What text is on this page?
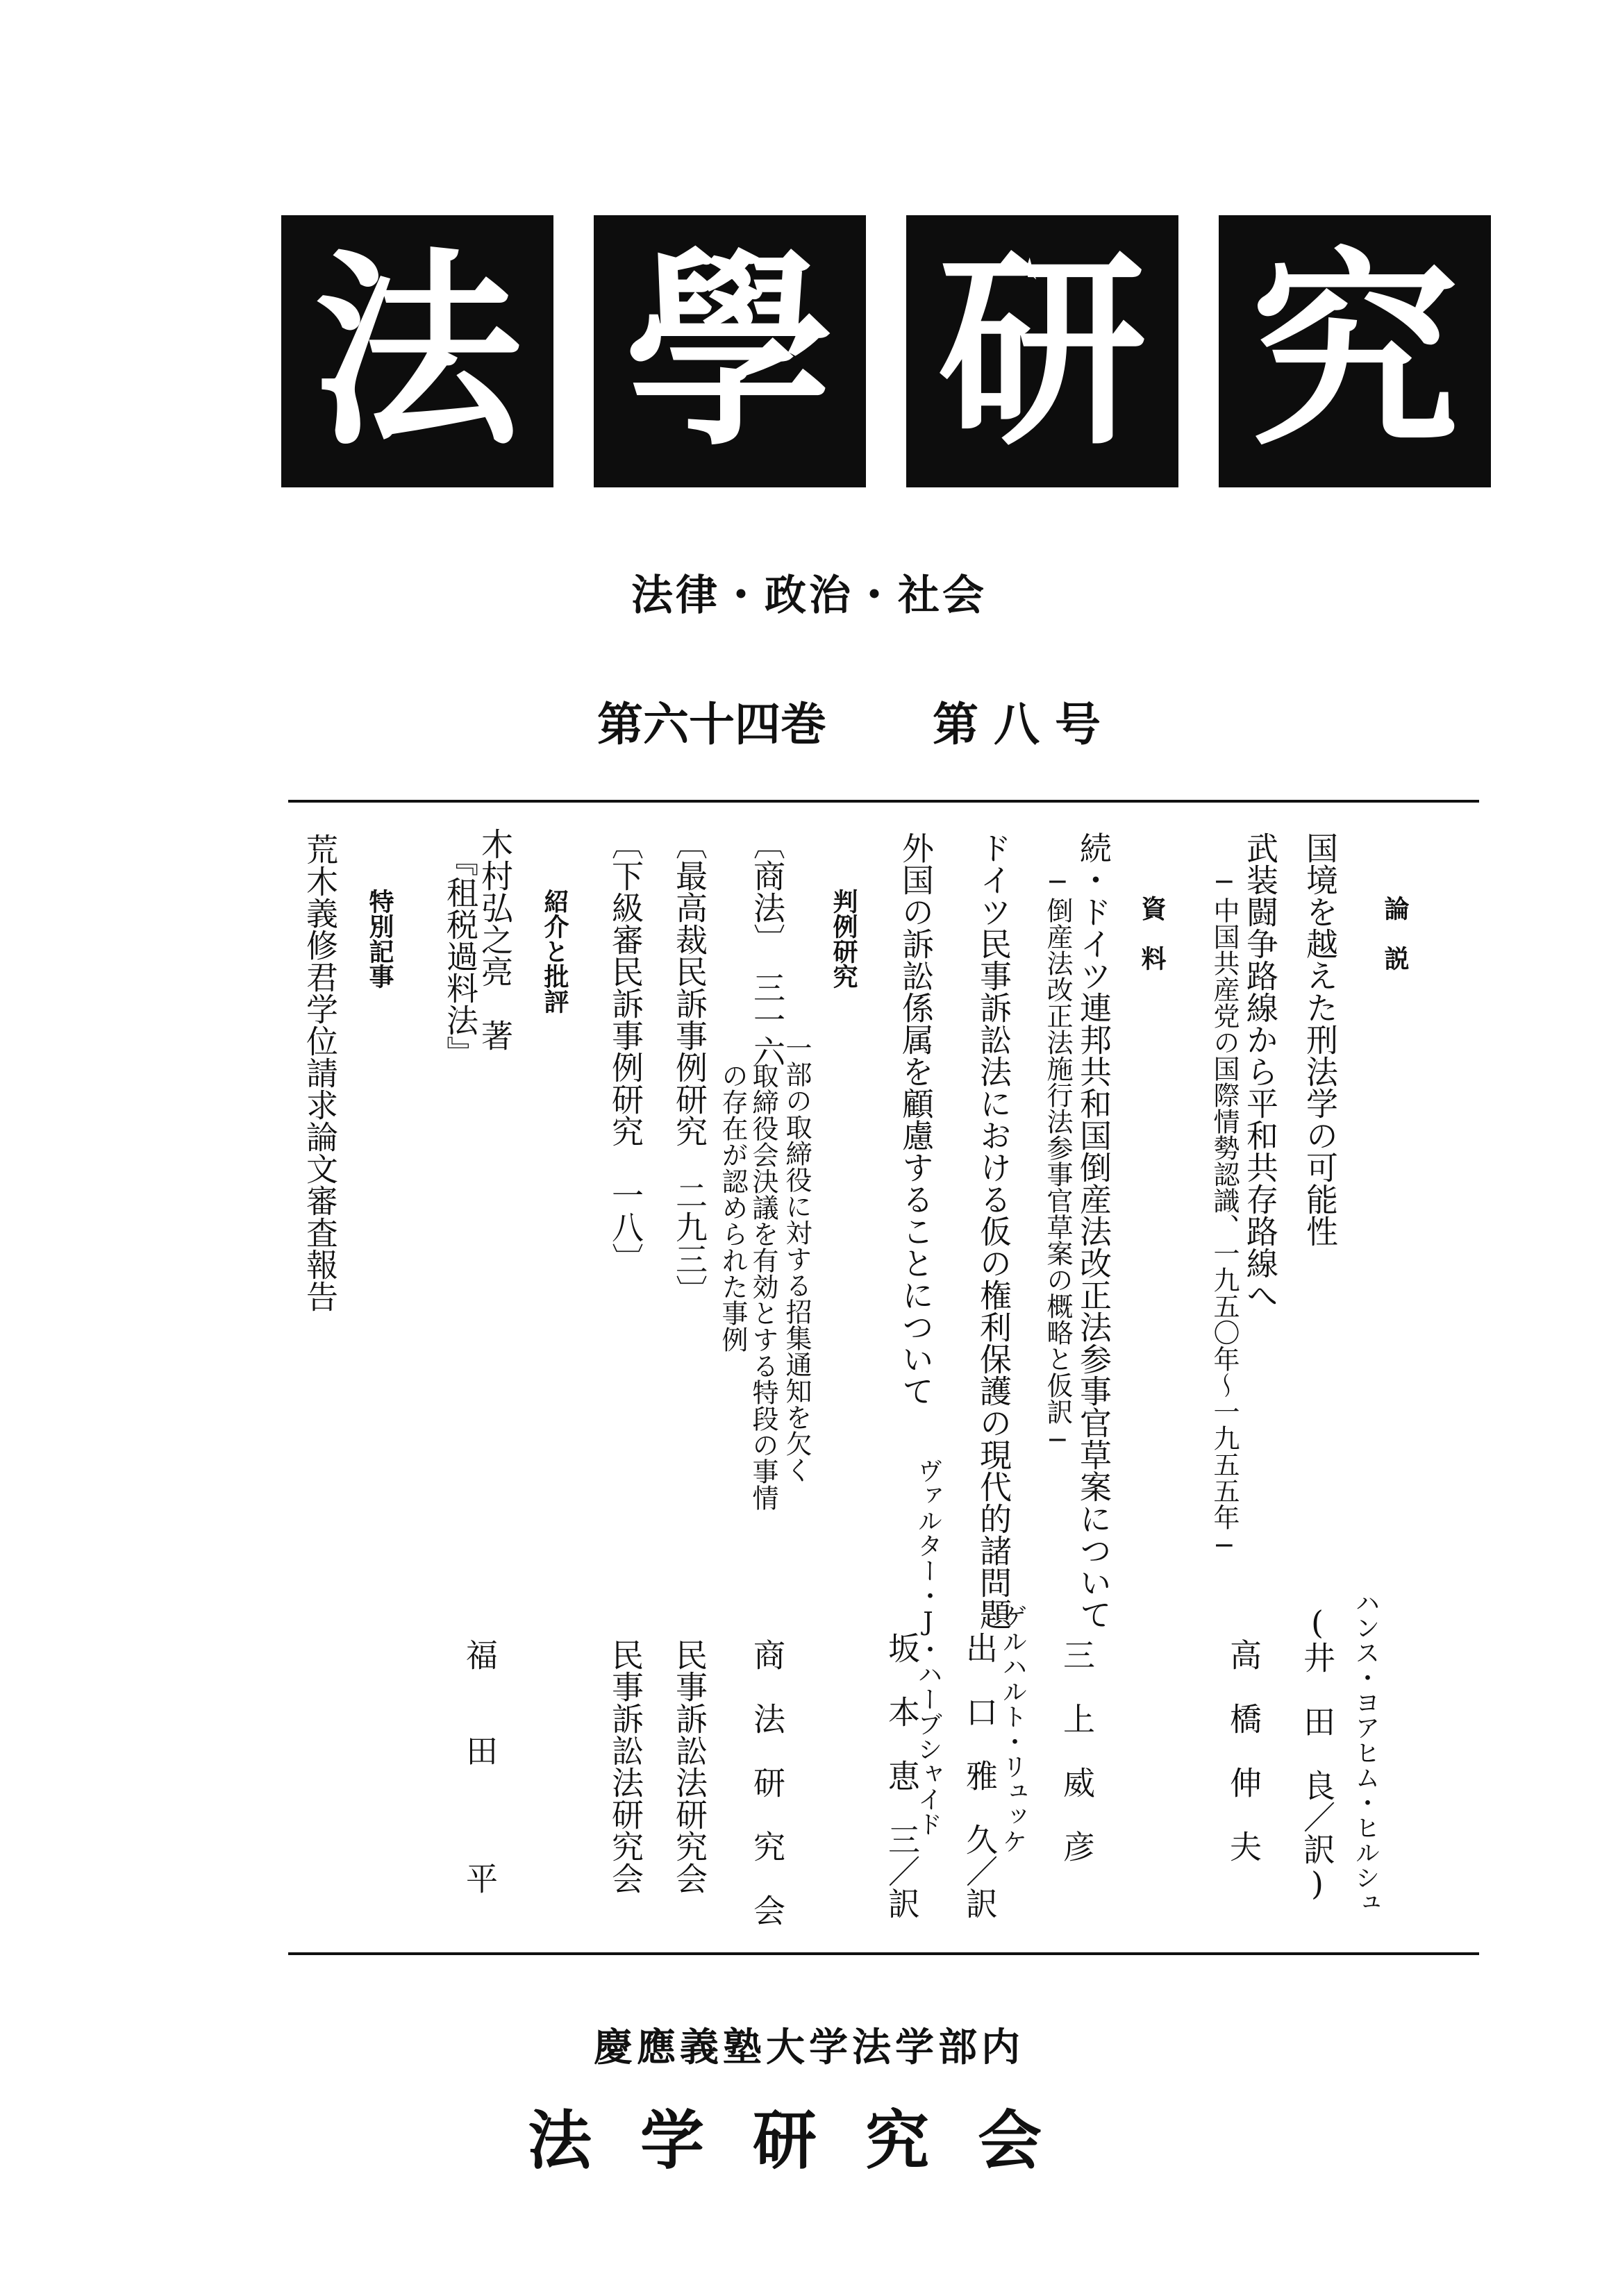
法 學 研 究
法律・政治・社会
第六十四巻 第八号
論　説
国境を越えた刑法学の可能性
ハンス・ヨアヒム・ヒルシュ
(井　田　良／訳)
武装闘争路線から平和共存路線へ
─中国共産党の国際情勢認識、一九五〇年～一九五五年─
高　橋　伸　夫
資　料
続・ドイツ連邦共和国倒産法改正法参事官草案について
─倒産法改正法施行法参事官草案の概略と仮訳─
三　上　威　彦
ドイツ民事訴訟法における仮の権利保護の現代的諸問題
ゲルハルト・リュッケ
出　口　雅　久／訳
外国の訴訟係属を顧慮することについて
ヴァルター・J・ハーブシャイド
坂　本　恵　三／訳
判例研究
〔商法〕　三一六
一部の取締役に対する招集通知を欠く
取締役会決議を有効とする特段の事情
の存在が認められた事例
商　法　研　究　会
〔最高裁民訴事例研究　二九三〕
民事訴訟法研究会
〔下級審民訴事例研究　一八〕
民事訴訟法研究会
紹介と批評
木村弘之亮　著
『租税過料法』
福　　田　　　平
特別記事
荒木義修君学位請求論文審査報告
慶應義塾大学法学部内
法学研究会
